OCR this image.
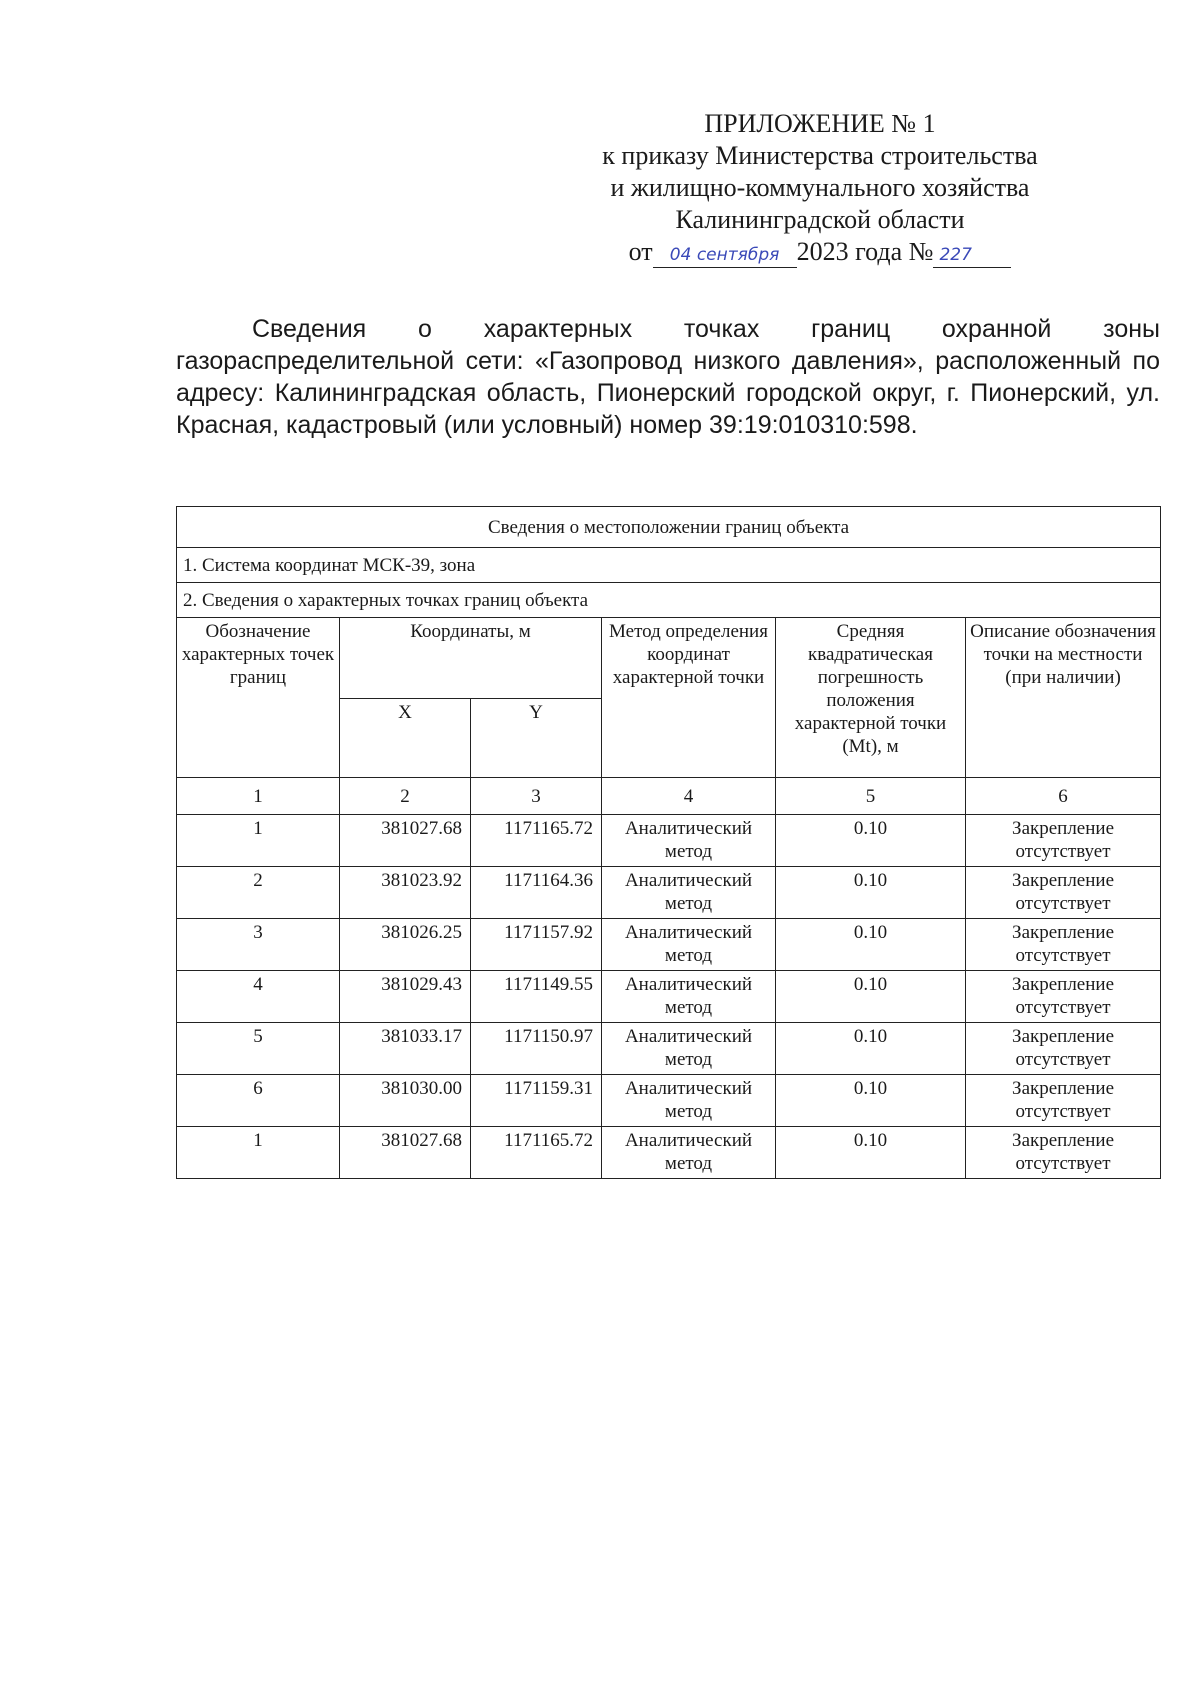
ПРИЛОЖЕНИЕ № 1
к приказу Министерства строительства
и жилищно-коммунального хозяйства
Калининградской области
от	04 сентября 2023 года № 227

Сведения о характерных точках границ охранной зоны газораспределительной сети: «Газопровод низкого давления», расположенный по адресу: Калининградская область, Пионерский городской округ, г. Пионерский, ул. Красная, кадастровый (или условный) номер 39:19:010310:598.

Сведения о местоположении границ объекта					
1. Система координат МСК-39, зона					
2. Сведения о характерных точках границ объекта					
Обозначение характерных точек границ	Координаты, м		Метод определения координат характерной точки	Средняя квадратическая погрешность положения характерной точки (Mt), м	Описание обозначения точки на местности (при наличии)
	X	Y			
1	2	3	4	5	6
1	381027.68	1171165.72	Аналитический метод	0.10	Закрепление отсутствует
2	381023.92	1171164.36	Аналитический метод	0.10	Закрепление отсутствует
3	381026.25	1171157.92	Аналитический метод	0.10	Закрепление отсутствует
4	381029.43	1171149.55	Аналитический метод	0.10	Закрепление отсутствует
5	381033.17	1171150.97	Аналитический метод	0.10	Закрепление отсутствует
6	381030.00	1171159.31	Аналитический метод	0.10	Закрепление отсутствует
1	381027.68	1171165.72	Аналитический метод	0.10	Закрепление отсутствует
